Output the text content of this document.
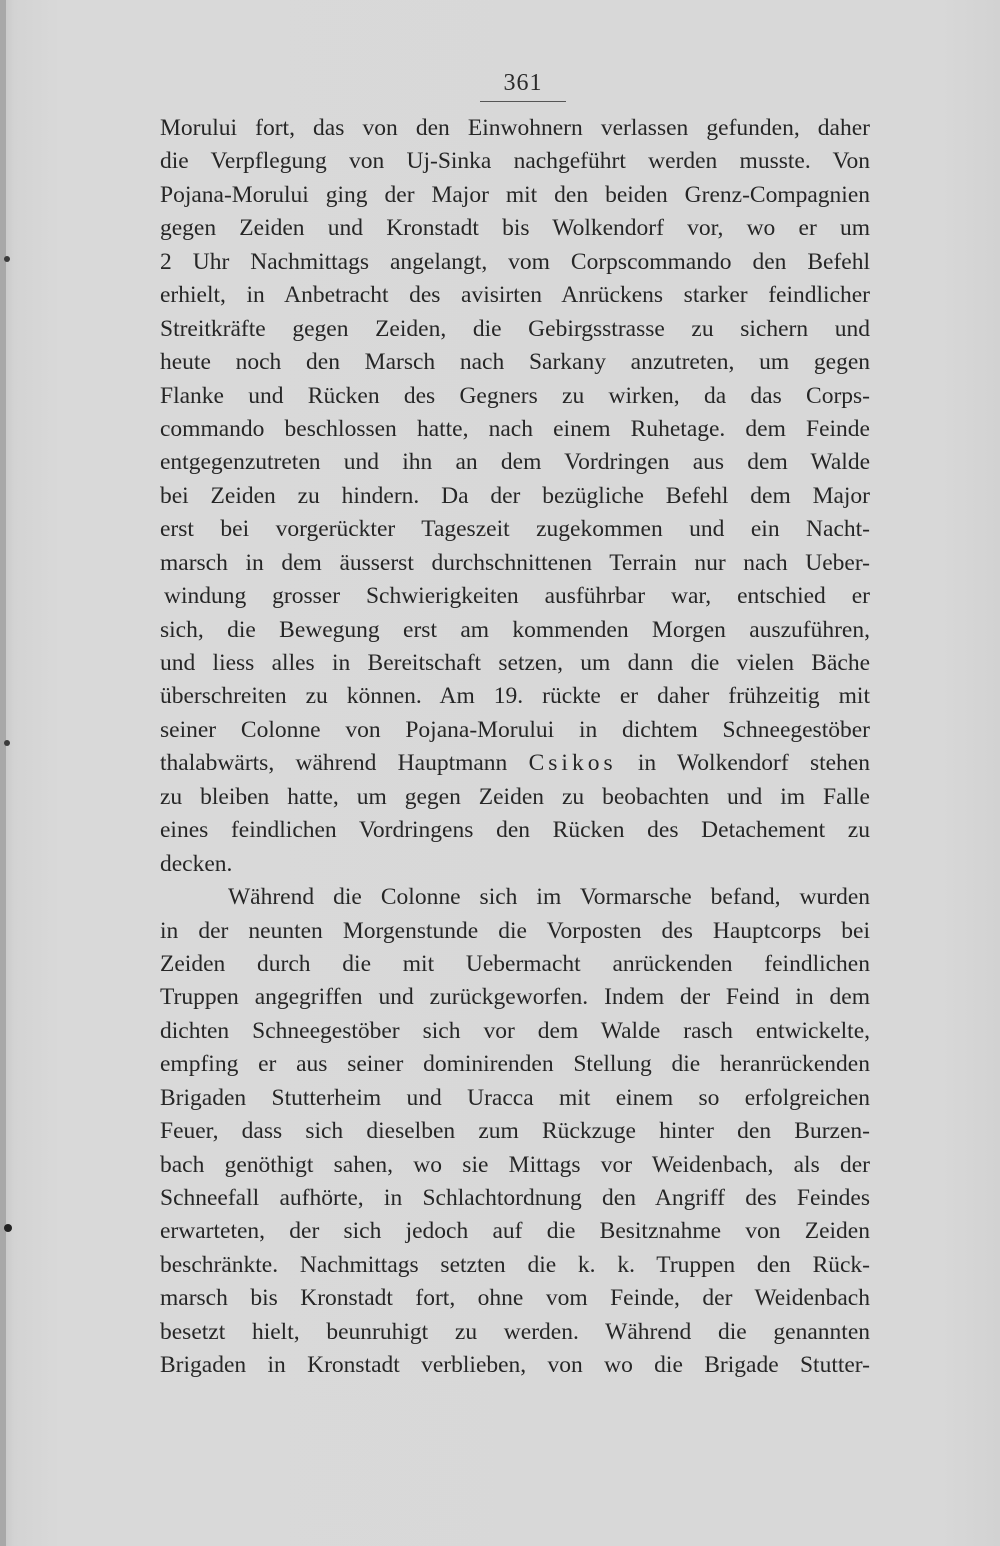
361
Morului fort, das von den Einwohnern verlassen gefunden, daher
die Verpflegung von Uj-Sinka nachgeführt werden musste. Von
Pojana-Morului ging der Major mit den beiden Grenz-Compagnien
gegen Zeiden und Kronstadt bis Wolkendorf vor, wo er um
2 Uhr Nachmittags angelangt, vom Corpscommando den Befehl
erhielt, in Anbetracht des avisirten Anrückens starker feindlicher
Streitkräfte gegen Zeiden, die Gebirgsstrasse zu sichern und
heute noch den Marsch nach Sarkany anzutreten, um gegen
Flanke und Rücken des Gegners zu wirken, da das Corps-
commando beschlossen hatte, nach einem Ruhetage. dem Feinde
entgegenzutreten und ihn an dem Vordringen aus dem Walde
bei Zeiden zu hindern. Da der bezügliche Befehl dem Major
erst bei vorgerückter Tageszeit zugekommen und ein Nacht-
marsch in dem äusserst durchschnittenen Terrain nur nach Ueber-
windung grosser Schwierigkeiten ausführbar war, entschied er
sich, die Bewegung erst am kommenden Morgen auszuführen,
und liess alles in Bereitschaft setzen, um dann die vielen Bäche
überschreiten zu können. Am 19. rückte er daher frühzeitig mit
seiner Colonne von Pojana-Morului in dichtem Schneegestöber
thalabwärts, während Hauptmann Csikos in Wolkendorf stehen
zu bleiben hatte, um gegen Zeiden zu beobachten und im Falle
eines feindlichen Vordringens den Rücken des Detachement zu
decken.
Während die Colonne sich im Vormarsche befand, wurden
in der neunten Morgenstunde die Vorposten des Hauptcorps bei
Zeiden durch die mit Uebermacht anrückenden feindlichen
Truppen angegriffen und zurückgeworfen. Indem der Feind in dem
dichten Schneegestöber sich vor dem Walde rasch entwickelte,
empfing er aus seiner dominirenden Stellung die heranrückenden
Brigaden Stutterheim und Uracca mit einem so erfolgreichen
Feuer, dass sich dieselben zum Rückzuge hinter den Burzen-
bach genöthigt sahen, wo sie Mittags vor Weidenbach, als der
Schneefall aufhörte, in Schlachtordnung den Angriff des Feindes
erwarteten, der sich jedoch auf die Besitznahme von Zeiden
beschränkte. Nachmittags setzten die k. k. Truppen den Rück-
marsch bis Kronstadt fort, ohne vom Feinde, der Weidenbach
besetzt hielt, beunruhigt zu werden. Während die genannten
Brigaden in Kronstadt verblieben, von wo die Brigade Stutter-
